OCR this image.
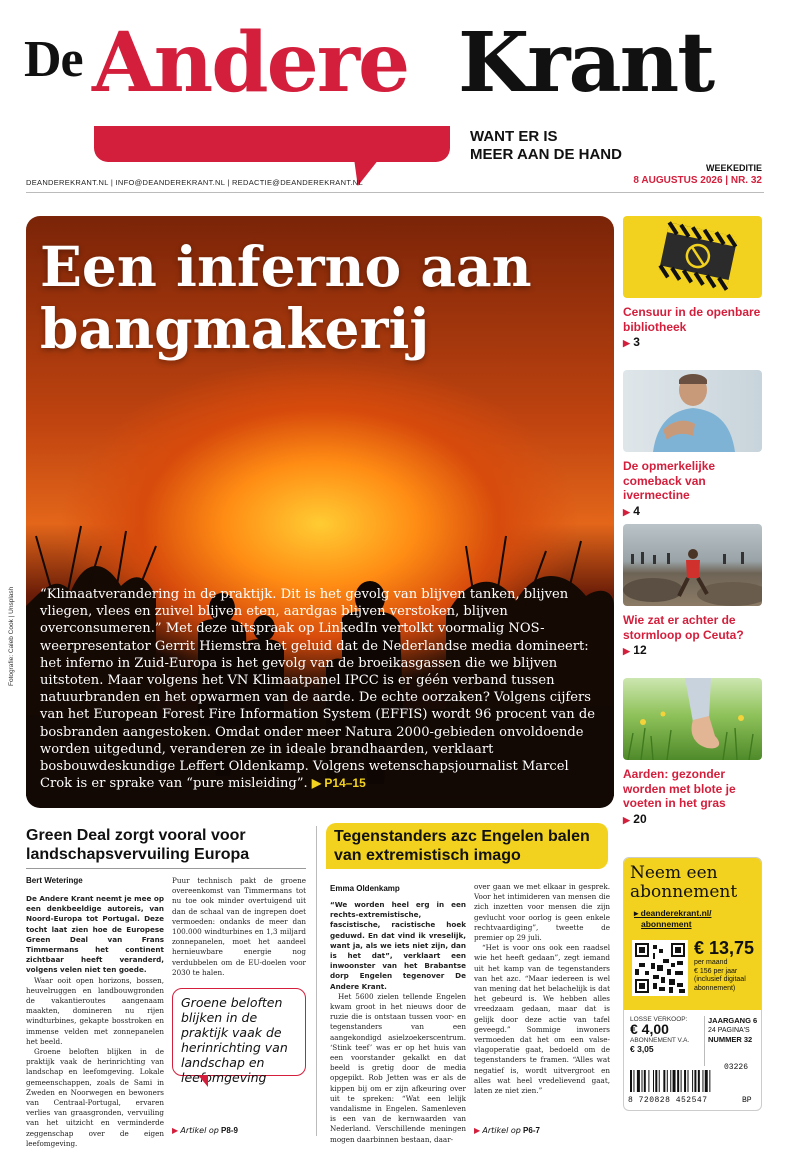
De Andere Krant
WANT ER IS
MEER AAN DE HAND
DEANDEREKRANT.NL | INFO@DEANDEREKRANT.NL | REDACTIE@DEANDEREKRANT.NL
WEEKEDITIE
8 AUGUSTUS 2026 | NR. 32
Een inferno aan
bangmakerij
“Klimaatverandering in de praktijk. Dit is het gevolg van blijven tanken, blijven vliegen, vlees en zuivel blijven eten, aardgas blijven verstoken, blijven overconsumeren.” Met deze uitspraak op LinkedIn vertolkt voormalig NOS-weerpresentator Gerrit Hiemstra het geluid dat de Nederlandse media domineert: het inferno in Zuid-Europa is het gevolg van de broeikasgassen die we blijven uitstoten. Maar volgens het VN Klimaatpanel IPCC is er géén verband tussen natuurbranden en het opwarmen van de aarde. De echte oorzaken? Volgens cijfers van het European Forest Fire Information System (EFFIS) wordt 96 procent van de bosbranden aangestoken. Omdat onder meer Natura 2000-gebieden onvoldoende worden uitgedund, veranderen ze in ideale brandhaarden, verklaart bosbouwdeskundige Leffert Oldenkamp. Volgens wetenschapsjournalist Marcel Crok is er sprake van “pure misleiding”. ▶ P14–15
Fotografie: Caleb Cook | Unsplash
Censuur in de openbare bibliotheek
▶ 3
De opmerkelijke comeback van ivermectine
▶ 4
Wie zat er achter de stormloop op Ceuta?
▶ 12
Aarden: gezonder worden met blote je voeten in het gras
▶ 20
Green Deal zorgt vooral voor landschapsvervuiling Europa
Bert Weteringe

De Andere Krant neemt je mee op een denkbeeldige autoreis, van Noord-Europa tot Portugal. Deze tocht laat zien hoe de Europese Green Deal van Frans Timmermans het continent zichtbaar heeft veranderd, volgens velen niet ten goede.

Waar ooit open horizons, bossen, heuvelruggen en landbouwgronden de vakantieroutes aangenaam maakten, domineren nu rijen windturbines, gekapte bosstroken en immense velden met zonnepanelen het beeld.

Groene beloften blijken in de praktijk vaak de herinrichting van landschap en leefomgeving. Lokale gemeenschappen, zoals de Sami in Zweden en Noorwegen en bewoners van Centraal-Portugal, ervaren verlies van graasgronden, vervuiling van het uitzicht en verminderde zeggenschap over de eigen leefomgeving.

Puur technisch pakt de groene overeenkomst van Timmermans tot nu toe ook minder overtuigend uit dan de schaal van de ingrepen doet vermoeden: ondanks de meer dan 100.000 windturbines en 1,3 miljard zonnepanelen, moet het aandeel hernieuwbare energie nog verdubbelen om de EU-doelen voor 2030 te halen.

Groene beloften blijken in de praktijk vaak de herinrichting van landschap en leefomgeving
▶ Artikel op P8-9
Tegenstanders azc Engelen balen van extremistisch imago
Emma Oldenkamp

“We worden heel erg in een rechts-extremistische, fascistische, racistische hoek geduwd. En dat vind ik vreselijk, want ja, als we iets niet zijn, dan is het dat”, verklaart een inwoonster van het Brabantse dorp Engelen tegenover De Andere Krant.

Het 5600 zielen tellende Engelen kwam groot in het nieuws door de ruzie die is ontstaan tussen voor- en tegenstanders van een aangekondigd asielzoekerscentrum. ‘Stink teef’ was er op het huis van een voorstander gekalkt en dat beeld is gretig door de media opgepikt. Rob Jetten was er als de kippen bij om er zijn afkeuring over uit te spreken: “Wat een lelijk vandalisme in Engelen. Samenleven is een van de kernwaarden van Nederland. Verschillende meningen mogen daarbinnen bestaan, daar-

over gaan we met elkaar in gesprek. Voor het intimideren van mensen die zich inzetten voor mensen die zijn gevlucht voor oorlog is geen enkele rechtvaardiging”, tweette de premier op 29 juli.

“Het is voor ons ook een raadsel wie het heeft gedaan”, zegt iemand uit het kamp van de tegenstanders van het azc. “Maar iedereen is wel van mening dat het belachelijk is dat het gebeurd is. We hebben alles vreedzaam gedaan, maar dat is gelijk door deze actie van tafel geveegd.” Sommige inwoners vermoeden dat het om een valse-vlagoperatie gaat, bedoeld om de tegenstanders te framen. “Alles wat negatief is, wordt uitvergroot en alles wat heel vredelievend gaat, laten ze niet zien.”

▶ Artikel op P6-7
Neem een
abonnement
▸ deanderekrant.nl/
abonnement
€ 13,75
per maand
€ 156 per jaar
(inclusief digitaal abonnement)
LOSSE VERKOOP:
€ 4,00
ABONNEMENT V.A.
€ 3,05
JAARGANG 6
24 PAGINA'S
NUMMER 32
03226
8 720828 452547	BP
